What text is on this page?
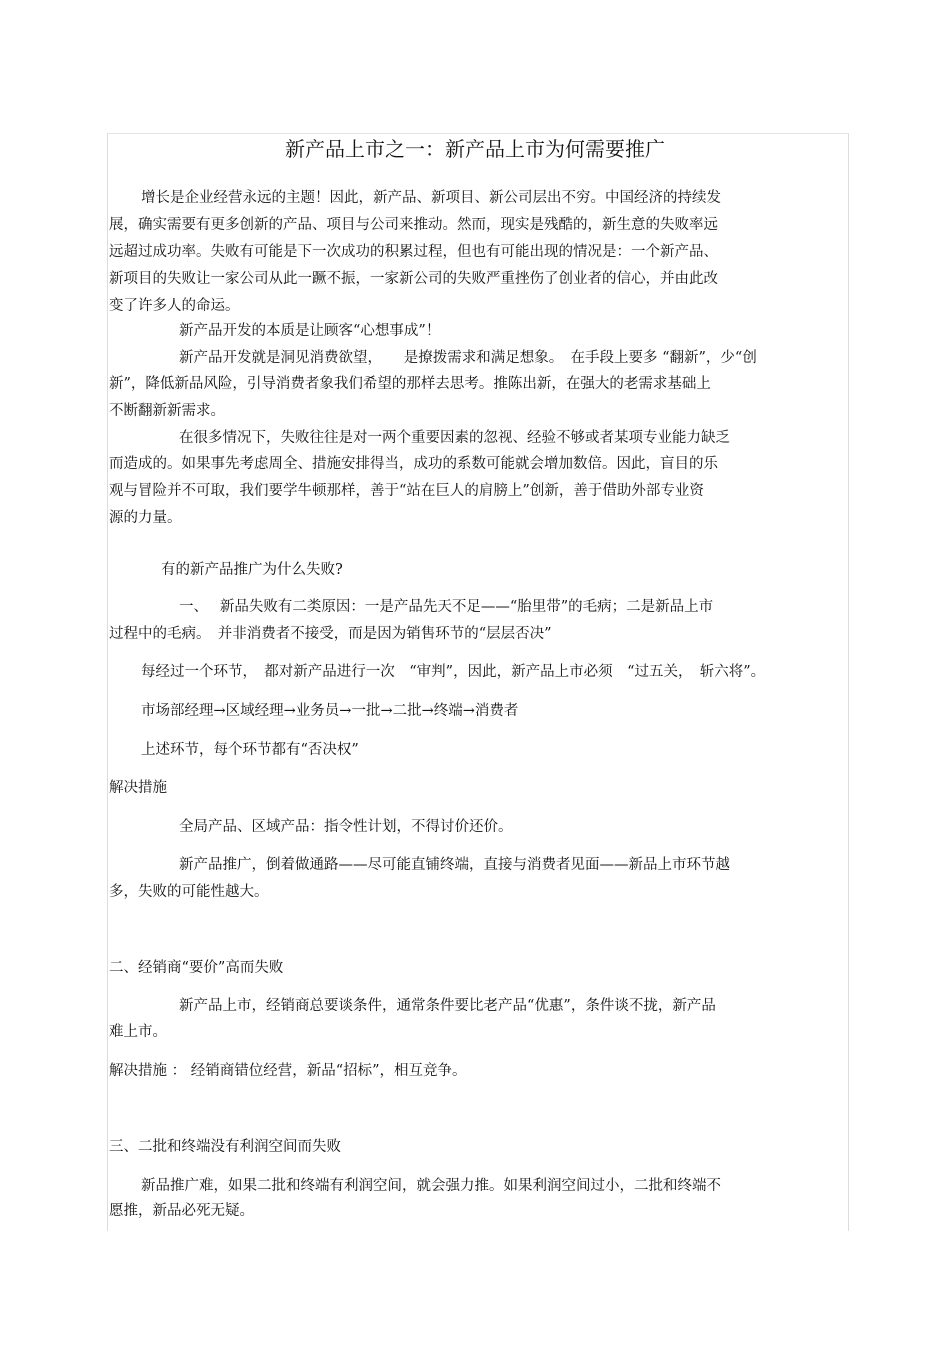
新产品上市之一：新产品上市为何需要推广

增长是企业经营永远的主题！因此，新产品、新项目、新公司层出不穷。中国经济的持续发

展，确实需要有更多创新的产品、项目与公司来推动。然而，现实是残酷的，新生意的失败率远

远超过成功率。失败有可能是下一次成功的积累过程，但也有可能出现的情况是：一个新产品、

新项目的失败让一家公司从此一蹶不振，一家新公司的失败严重挫伤了创业者的信心，并由此改

变了许多人的命运。

新产品开发的本质是让顾客“心想事成”！

新产品开发就是洞见消费欲望，　　是撩拨需求和满足想象。　在手段上要多 “翻新”，少“创

新”，降低新品风险，引导消费者象我们希望的那样去思考。推陈出新，在强大的老需求基础上

不断翻新新需求。

在很多情况下，失败往往是对一两个重要因素的忽视、经验不够或者某项专业能力缺乏

而造成的。如果事先考虑周全、措施安排得当，成功的系数可能就会增加数倍。因此，盲目的乐

观与冒险并不可取，我们要学牛顿那样，善于“站在巨人的肩膀上”创新，善于借助外部专业资

源的力量。

有的新产品推广为什么失败?

一、　 新品失败有二类原因：一是产品先天不足——“胎里带”的毛病；二是新品上市

过程中的毛病。　并非消费者不接受，而是因为销售环节的“层层否决”

每经过一个环节，　都对新产品进行一次　“审判”，因此，新产品上市必须　“过五关，　斩六将”。

市场部经理→区域经理→业务员→一批→二批→终端→消费者

上述环节，每个环节都有“否决权”

解决措施

全局产品、区域产品：指令性计划，不得讨价还价。

新产品推广，倒着做通路——尽可能直铺终端，直接与消费者见面——新品上市环节越

多，失败的可能性越大。

二、经销商“要价”高而失败

新产品上市，经销商总要谈条件，通常条件要比老产品“优惠”，条件谈不拢，新产品

难上市。

解决措施 ： 经销商错位经营，新品“招标”，相互竞争。

三、二批和终端没有利润空间而失败

新品推广难，如果二批和终端有利润空间，就会强力推。如果利润空间过小，二批和终端不

愿推，新品必死无疑。
